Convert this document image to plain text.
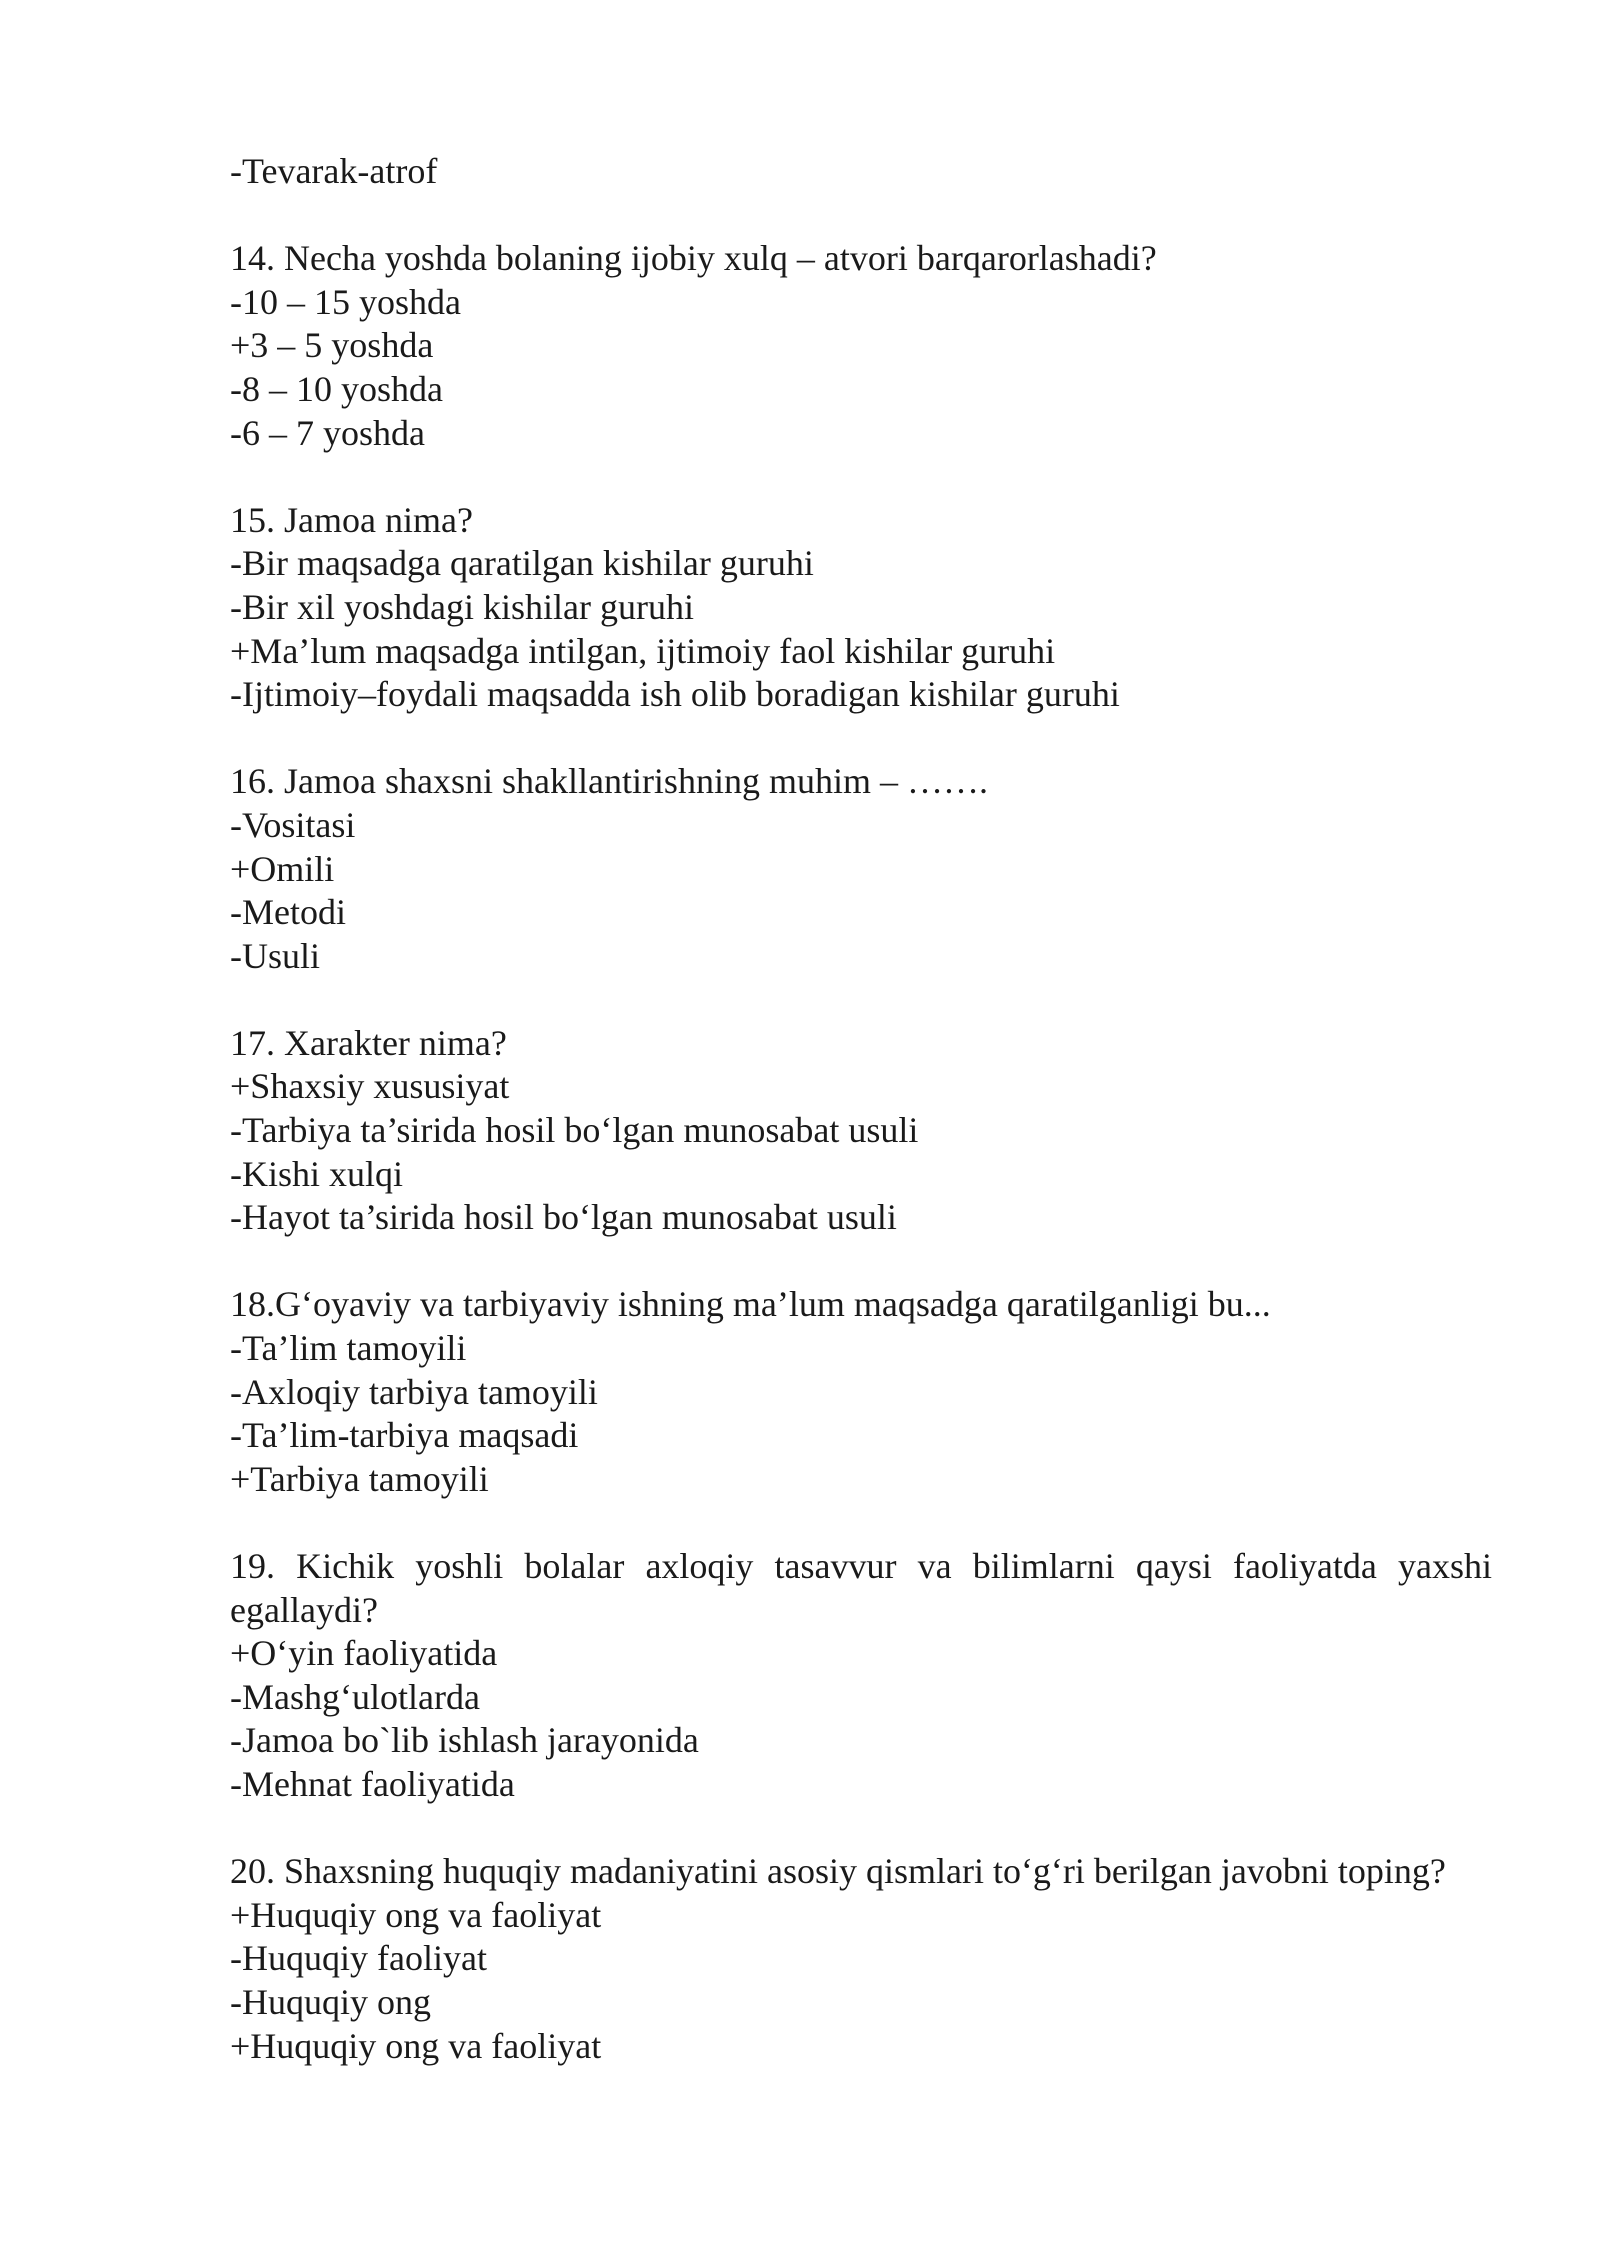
-Tevarak-atrof
14. Necha yoshda bolaning ijobiy xulq – atvori barqarorlashadi?
-10 – 15 yoshda
+3 – 5 yoshda
-8 – 10 yoshda
-6 – 7 yoshda
15. Jamoa nima?
-Bir maqsadga qaratilgan kishilar guruhi
-Bir xil yoshdagi kishilar guruhi
+Ma’lum maqsadga intilgan, ijtimoiy faol kishilar guruhi
-Ijtimoiy–foydali maqsadda ish olib boradigan kishilar guruhi
16. Jamoa shaxsni shakllantirishning muhim – …….
-Vositasi
+Omili
-Metodi
-Usuli
17. Xarakter nima?
+Shaxsiy xususiyat
-Tarbiya ta’sirida hosil bo‘lgan munosabat usuli
-Kishi xulqi
-Hayot ta’sirida hosil bo‘lgan munosabat usuli
18.G‘oyaviy va tarbiyaviy ishning ma’lum maqsadga qaratilganligi bu...
-Ta’lim tamoyili
-Axloqiy tarbiya tamoyili
-Ta’lim-tarbiya maqsadi
+Tarbiya tamoyili
19. Kichik yoshli bolalar axloqiy tasavvur va bilimlarni qaysi faoliyatda yaxshi egallaydi?
+O‘yin faoliyatida
-Mashg‘ulotlarda
-Jamoa bo`lib ishlash jarayonida
-Mehnat faoliyatida
20. Shaxsning huquqiy madaniyatini asosiy qismlari to‘g‘ri berilgan javobni toping?
+Huquqiy ong va faoliyat
-Huquqiy faoliyat
-Huquqiy ong
+Huquqiy ong va faoliyat
